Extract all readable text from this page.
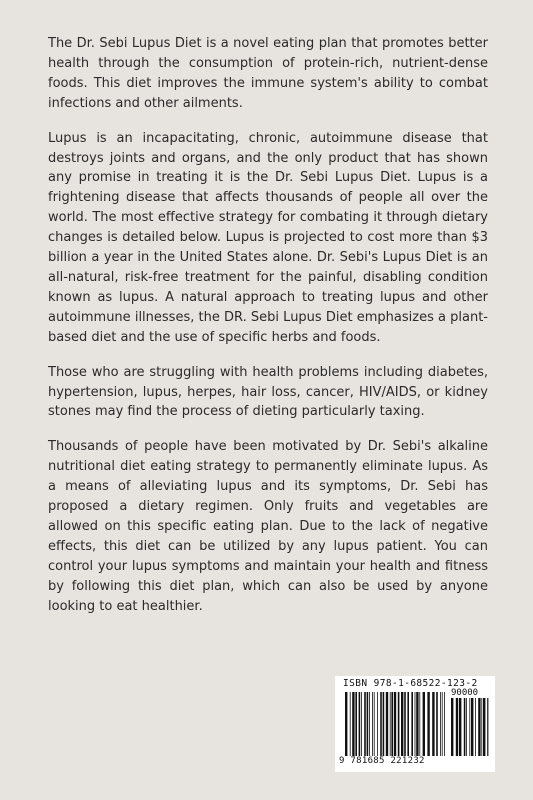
The Dr. Sebi Lupus Diet is a novel eating plan that promotes better health through the consumption of protein-rich, nutrient-dense foods. This diet improves the immune system's ability to combat infections and other ailments.

Lupus is an incapacitating, chronic, autoimmune disease that destroys joints and organs, and the only product that has shown any promise in treating it is the Dr. Sebi Lupus Diet. Lupus is a frightening disease that affects thousands of people all over the world. The most effective strategy for combating it through dietary changes is detailed below. Lupus is projected to cost more than $3 billion a year in the United States alone. Dr. Sebi's Lupus Diet is an all-natural, risk-free treatment for the painful, disabling condition known as lupus. A natural approach to treating lupus and other autoimmune illnesses, the DR. Sebi Lupus Diet emphasizes a plant-based diet and the use of specific herbs and foods.

Those who are struggling with health problems including diabetes, hypertension, lupus, herpes, hair loss, cancer, HIV/AIDS, or kidney stones may find the process of dieting particularly taxing.

Thousands of people have been motivated by Dr. Sebi's alkaline nutritional diet eating strategy to permanently eliminate lupus. As a means of alleviating lupus and its symptoms, Dr. Sebi has proposed a dietary regimen. Only fruits and vegetables are allowed on this specific eating plan. Due to the lack of negative effects, this diet can be utilized by any lupus patient. You can control your lupus symptoms and maintain your health and fitness by following this diet plan, which can also be used by anyone looking to eat healthier.

ISBN 978-1-68522-123-2
90000
9 781685 221232
